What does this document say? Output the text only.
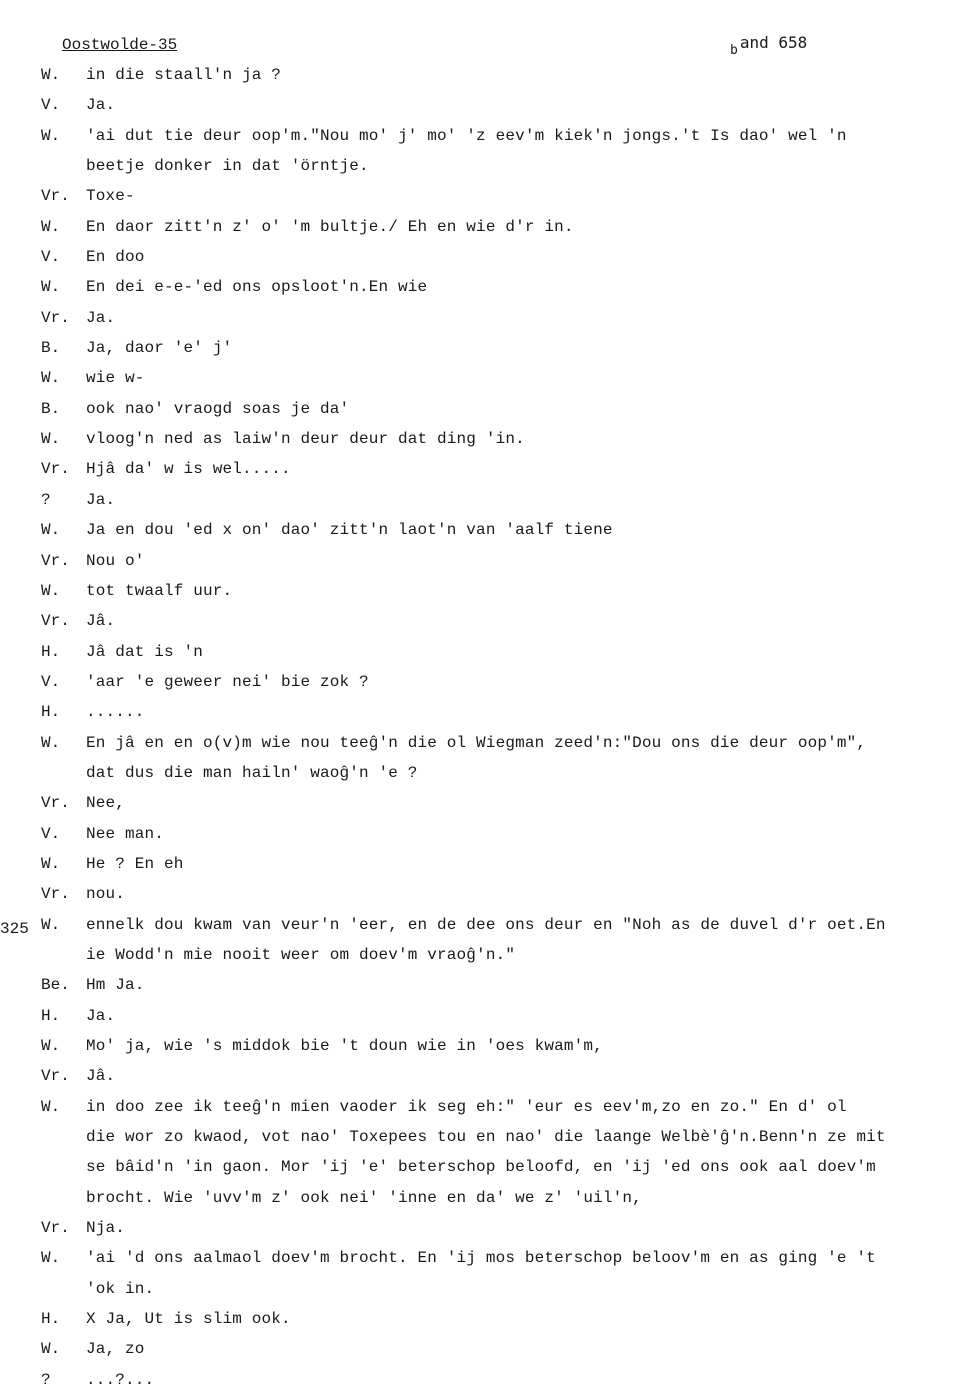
Oostwolde-35	$_b$ and 658
W. in die staall'n ja ?
V. Ja.
W. 'ai dut tie deur oop'm."Nou mo' j' mo' 'z eev'm kiek'n jongs.'t Is dao' wel 'n
beetje donker in dat 'örntje.
Vr. Toxe-
W. En daor zitt'n z' o' 'm bultje./ Eh en wie d'r in.
V. En doo
W. En dei e-e-'ed ons opsloot'n.En wie
Vr. Ja.
B. Ja, daor 'e' j'
W. wie w-
B. ook nao' vraogd soas je da'
W. vloog'n ned as laiw'n deur deur dat ding 'in.
Vr. Hjâ da' w is wel.....
? Ja.
W. Ja en dou 'ed x on' dao' zitt'n laot'n van 'aalf tiene
Vr. Nou o'
W. tot twaalf uur.
Vr. Jâ.
H. Jâ dat is 'n
V. 'aar 'e geweer nei' bie zok ?
H. ......
W. En jâ en en o(v)m wie nou teeĝ'n die ol Wiegman zeed'n:"Dou ons die deur oop'm",
dat dus die man hailn' waoĝ'n 'e ?
Vr. Nee,
V. Nee man.
W. He ? En eh
Vr. nou.
325 W. ennelk dou kwam van veur'n 'eer, en de dee ons deur en "Noh as de duvel d'r oet.En
ie Wodd'n mie nooit weer om doev'm vraoĝ'n."
Be. Hm Ja.
H. Ja.
W. Mo' ja, wie 's middok bie 't doun wie in 'oes kwam'm,
Vr. Jâ.
W. in doo zee ik teeĝ'n mien vaoder ik seg eh:" 'eur es eev'm,zo en zo." En d' ol
die wor zo kwaod, vot nao' Toxepees tou en nao' die laange Welbè'ĝ'n.Benn'n ze mit
se bâid'n 'in gaon. Mor 'ij 'e' beterschop beloofd, en 'ij 'ed ons ook aal doev'm
brocht. Wie 'uvv'm z' ook nei' 'inne en da' we z' 'uil'n,
Vr. Nja.
W. 'ai 'd ons aalmaol doev'm brocht. En 'ij mos beterschop beloov'm en as ging 'e 't
'ok in.
H. X Ja, Ut is slim ook.
W. Ja, zo
? ...?...
